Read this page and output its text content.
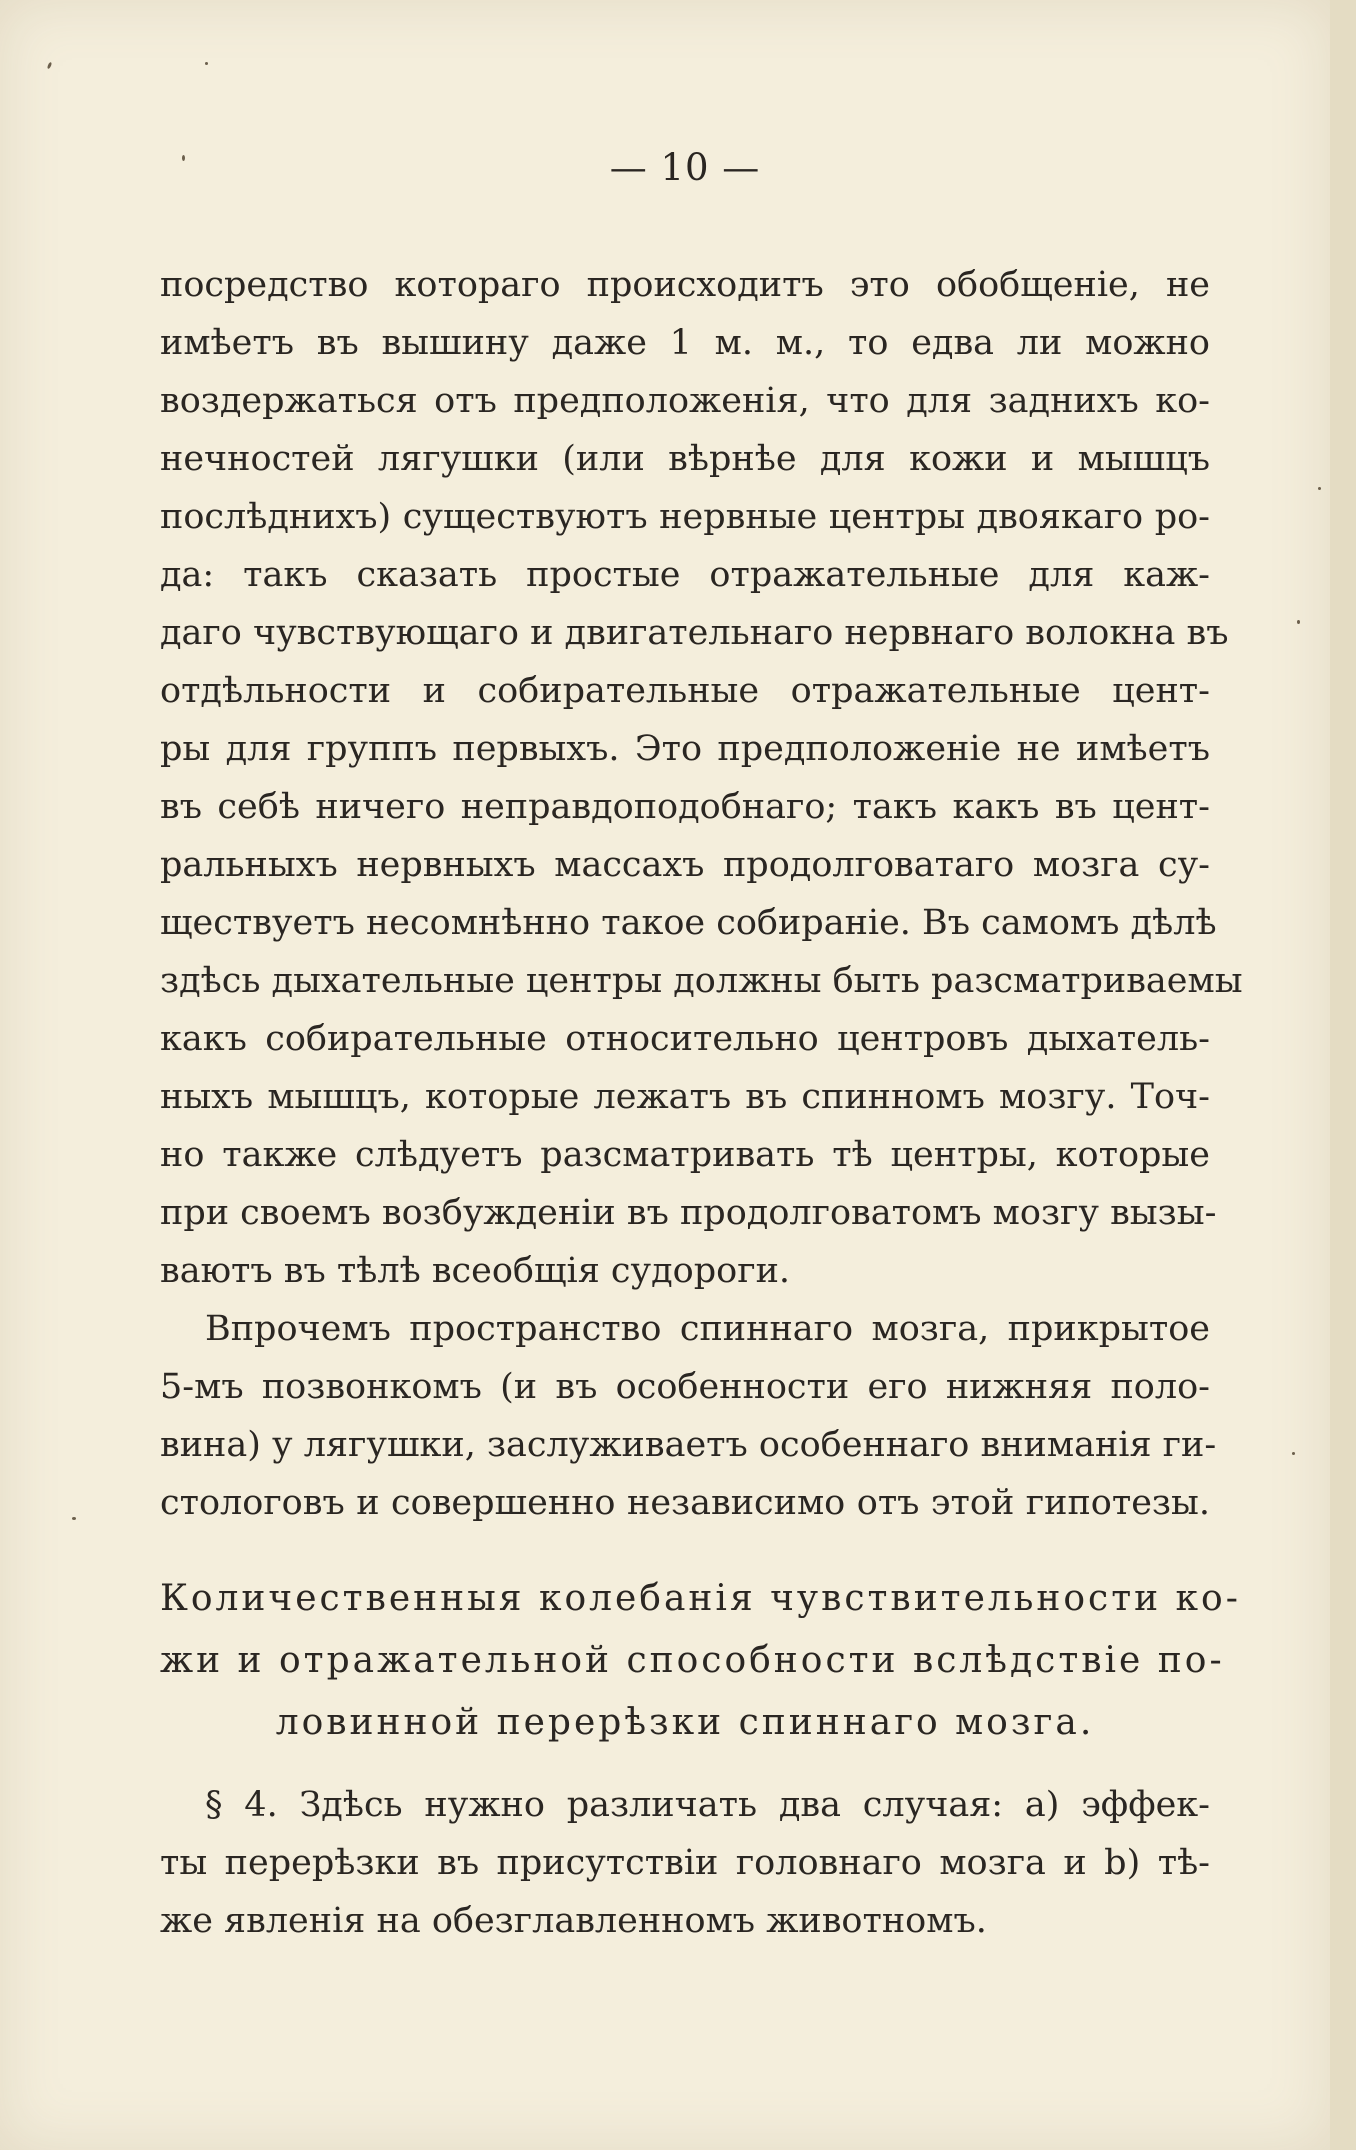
— 10 —

посредство котораго происходитъ это обобщеніе, не
имѣетъ въ вышину даже 1 м. м., то едва ли можно
воздержаться отъ предположенія, что для заднихъ ко-
нечностей лягушки (или вѣрнѣе для кожи и мышцъ
послѣднихъ) существуютъ нервные центры двоякаго ро-
да: такъ сказать простые отражательные для каж-
даго чувствующаго и двигательнаго нервнаго волокна въ
отдѣльности и собирательные отражательные цент-
ры для группъ первыхъ. Это предположеніе не имѣетъ
въ себѣ ничего неправдоподобнаго; такъ какъ въ цент-
ральныхъ нервныхъ массахъ продолговатаго мозга су-
ществуетъ несомнѣнно такое собираніе. Въ самомъ дѣлѣ
здѣсь дыхательные центры должны быть разсматриваемы
какъ собирательные относительно центровъ дыхатель-
ныхъ мышцъ, которые лежатъ въ спинномъ мозгу. Точ-
но также слѣдуетъ разсматривать тѣ центры, которые
при своемъ возбужденіи въ продолговатомъ мозгу вызы-
ваютъ въ тѣлѣ всеобщія судороги.

Впрочемъ пространство спиннаго мозга, прикрытое
5-мъ позвонкомъ (и въ особенности его нижняя поло-
вина) у лягушки, заслуживаетъ особеннаго вниманія ги-
стологовъ и совершенно независимо отъ этой гипотезы.

Количественныя колебанія чувствительности ко-
жи и отражательной способности вслѣдствіе по-
ловинной перерѣзки спиннаго мозга.

§ 4. Здѣсь нужно различать два случая: a) эффек-
ты перерѣзки въ присутствіи головнаго мозга и b) тѣ-
же явленія на обезглавленномъ животномъ.
